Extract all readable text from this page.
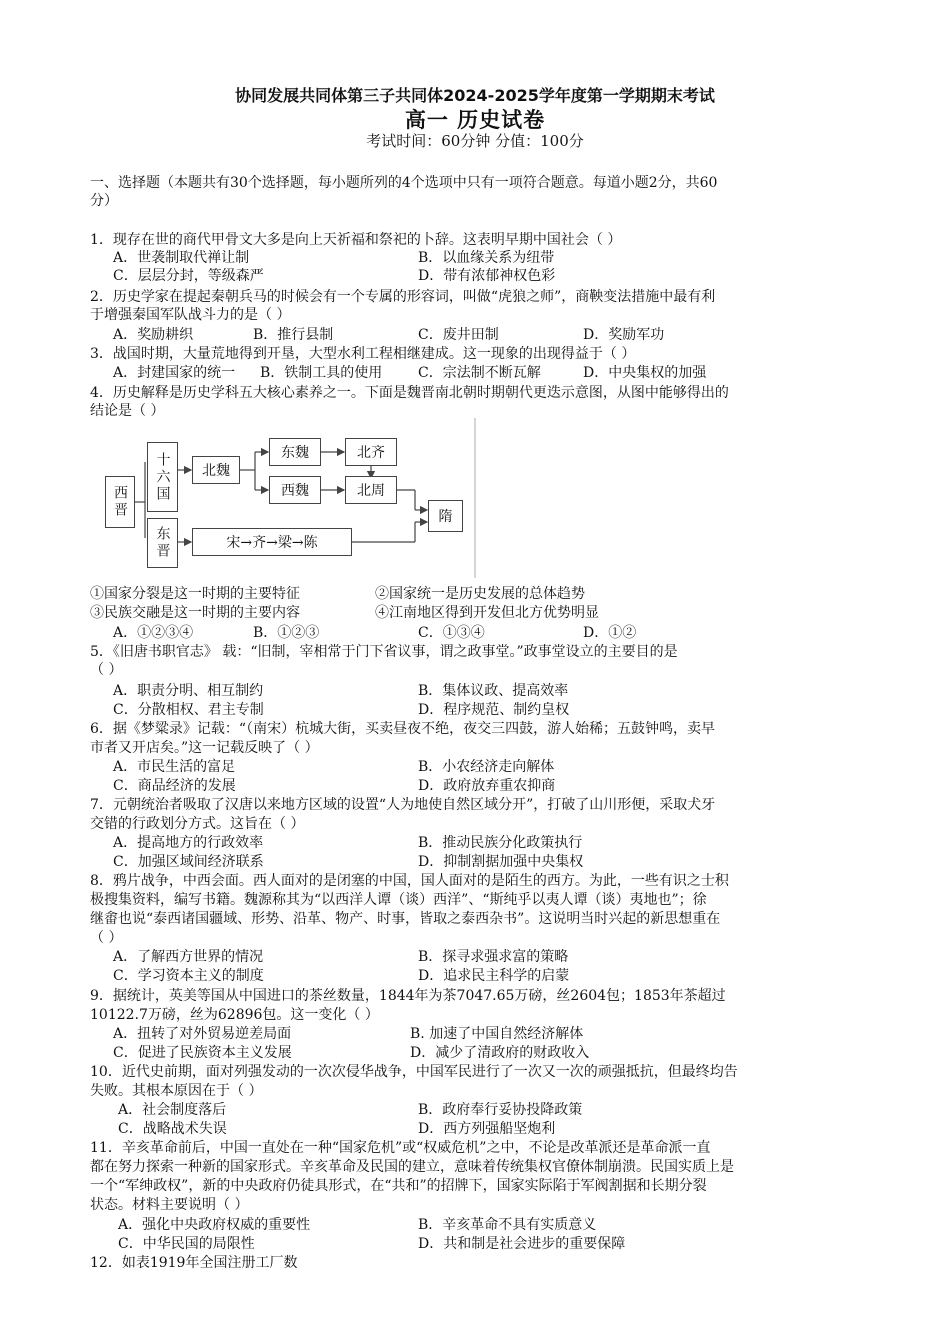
协同发展共同体第三子共同体2024-2025学年度第一学期期末考试
高一 历史试卷
考试时间：60分钟 分值：100分
一、选择题（本题共有30个选择题，每小题所列的4个选项中只有一项符合题意。每道小题2分，共60
分）
1．现存在世的商代甲骨文大多是向上天祈福和祭祀的卜辞。这表明早期中国社会（ ）
A．世袭制取代禅让制	B．以血缘关系为纽带
C．层层分封，等级森严	D．带有浓郁神权色彩
2．历史学家在提起秦朝兵马的时候会有一个专属的形容词，叫做“虎狼之师”，商鞅变法措施中最有利
于增强秦国军队战斗力的是（ ）
A．奖励耕织	B．推行县制	C．废井田制	D．奖励军功
3．战国时期，大量荒地得到开垦，大型水利工程相继建成。这一现象的出现得益于（ ）
A．封建国家的统一 B．铁制工具的使用	C．宗法制不断瓦解	D．中央集权的加强
4．历史解释是历史学科五大核心素养之一。下面是魏晋南北朝时期朝代更迭示意图，从图中能够得出的
结论是（ ）
西晋	十六国
东晋
北魏
东魏
西魏
北齐
北周
隋
宋→齐→梁→陈
①国家分裂是这一时期的主要特征	②国家统一是历史发展的总体趋势
③民族交融是这一时期的主要内容	④江南地区得到开发但北方优势明显
A．①②③④	B．①②③	C．①③④	D．①②
5．《旧唐书职官志》 载：“旧制，宰相常于门下省议事，谓之政事堂。”政事堂设立的主要目的是
（ ）
A．职责分明、相互制约	B．集体议政、提高效率
C．分散相权、君主专制	D．程序规范、制约皇权
6．据《梦粱录》记载：“（南宋）杭城大街，买卖昼夜不绝，夜交三四鼓，游人始稀；五鼓钟鸣，卖早
市者又开店矣。”这一记载反映了（ ）
A．市民生活的富足	B．小农经济走向解体
C．商品经济的发展	D．政府放弃重农抑商
7．元朝统治者吸取了汉唐以来地方区域的设置“人为地使自然区域分开”，打破了山川形便，采取犬牙
交错的行政划分方式。这旨在（ ）
A．提高地方的行政效率	B．推动民族分化政策执行
C．加强区域间经济联系	D．抑制割据加强中央集权
8．鸦片战争，中西会面。西人面对的是闭塞的中国，国人面对的是陌生的西方。为此，一些有识之士积
极搜集资料，编写书籍。魏源称其为“以西洋人谭（谈）西洋”、“斯纯乎以夷人谭（谈）夷地也”；徐
继畬也说“泰西诸国疆域、形势、沿革、物产、时事，皆取之泰西杂书”。这说明当时兴起的新思想重在
（ ）
A．了解西方世界的情况	B．探寻求强求富的策略
C．学习资本主义的制度	D．追求民主科学的启蒙
9．据统计，英美等国从中国进口的茶丝数量，1844年为茶7047.65万磅，丝2604包；1853年茶超过
10122.7万磅，丝为62896包。这一变化（ ）
A．扭转了对外贸易逆差局面	B. 加速了中国自然经济解体
C．促进了民族资本主义发展	D．减少了清政府的财政收入
10．近代史前期，面对列强发动的一次次侵华战争，中国军民进行了一次又一次的顽强抵抗，但最终均告
失败。其根本原因在于（ ）
A．社会制度落后	B．政府奉行妥协投降政策
C．战略战术失误	D．西方列强船坚炮利
11．辛亥革命前后，中国一直处在一种“国家危机”或“权威危机”之中，不论是改革派还是革命派一直
都在努力探索一种新的国家形式。辛亥革命及民国的建立，意味着传统集权官僚体制崩溃。民国实质上是
一个“军绅政权”，新的中央政府仍徒具形式，在“共和”的招牌下，国家实际陷于军阀割据和长期分裂
状态。材料主要说明（ ）
A．强化中央政府权威的重要性	B．辛亥革命不具有实质意义
C．中华民国的局限性	D．共和制是社会进步的重要保障
12．如表1919年全国注册工厂数
